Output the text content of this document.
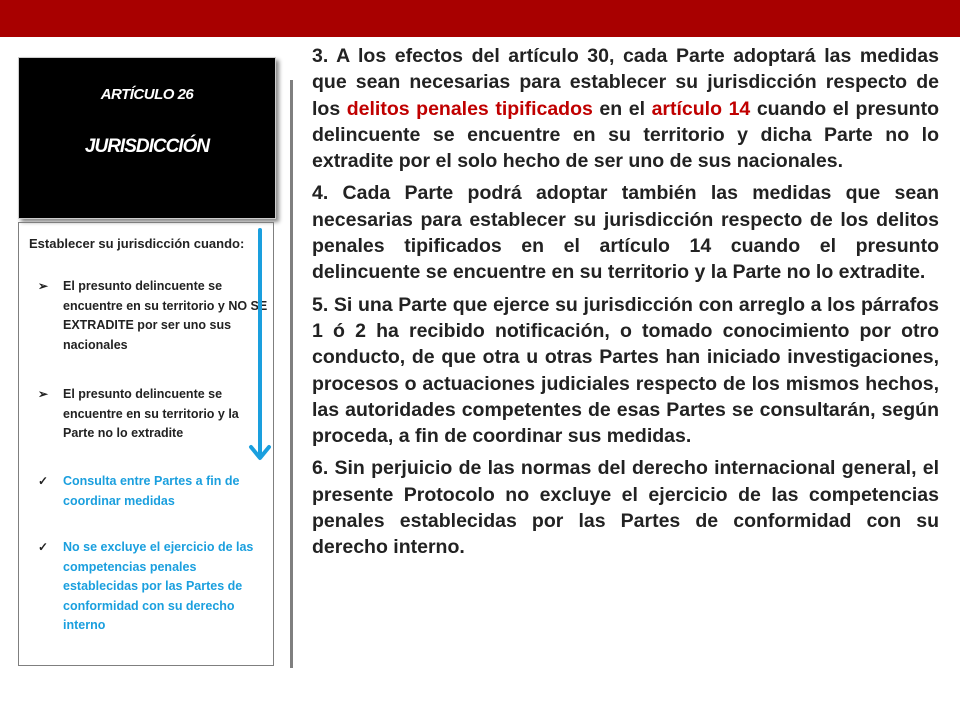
ARTÍCULO 26
JURISDICCIÓN
Establecer su jurisdicción cuando:
➢	El presunto delincuente se encuentre en su territorio y NO SE EXTRADITE por ser uno sus nacionales
➢	El presunto delincuente se encuentre en su territorio y la Parte no lo extradite
✓	Consulta entre Partes a fin de coordinar medidas
✓	No se excluye el ejercicio de las competencias penales establecidas por las Partes de conformidad con su derecho interno

3. A los efectos del artículo 30, cada Parte adoptará las medidas que sean necesarias para establecer su jurisdicción respecto de los delitos penales tipificados en el artículo 14 cuando el presunto delincuente se encuentre en su territorio y dicha Parte no lo extradite por el solo hecho de ser uno de sus nacionales.

4. Cada Parte podrá adoptar también las medidas que sean necesarias para establecer su jurisdicción respecto de los delitos penales tipificados en el artículo 14 cuando el presunto delincuente se encuentre en su territorio y la Parte no lo extradite.

5. Si una Parte que ejerce su jurisdicción con arreglo a los párrafos 1 ó 2 ha recibido notificación, o tomado conocimiento por otro conducto, de que otra u otras Partes han iniciado investigaciones, procesos o actuaciones judiciales respecto de los mismos hechos, las autoridades competentes de esas Partes se consultarán, según proceda, a fin de coordinar sus medidas.

6. Sin perjuicio de las normas del derecho internacional general, el presente Protocolo no excluye el ejercicio de las competencias penales establecidas por las Partes de conformidad con su derecho interno.
